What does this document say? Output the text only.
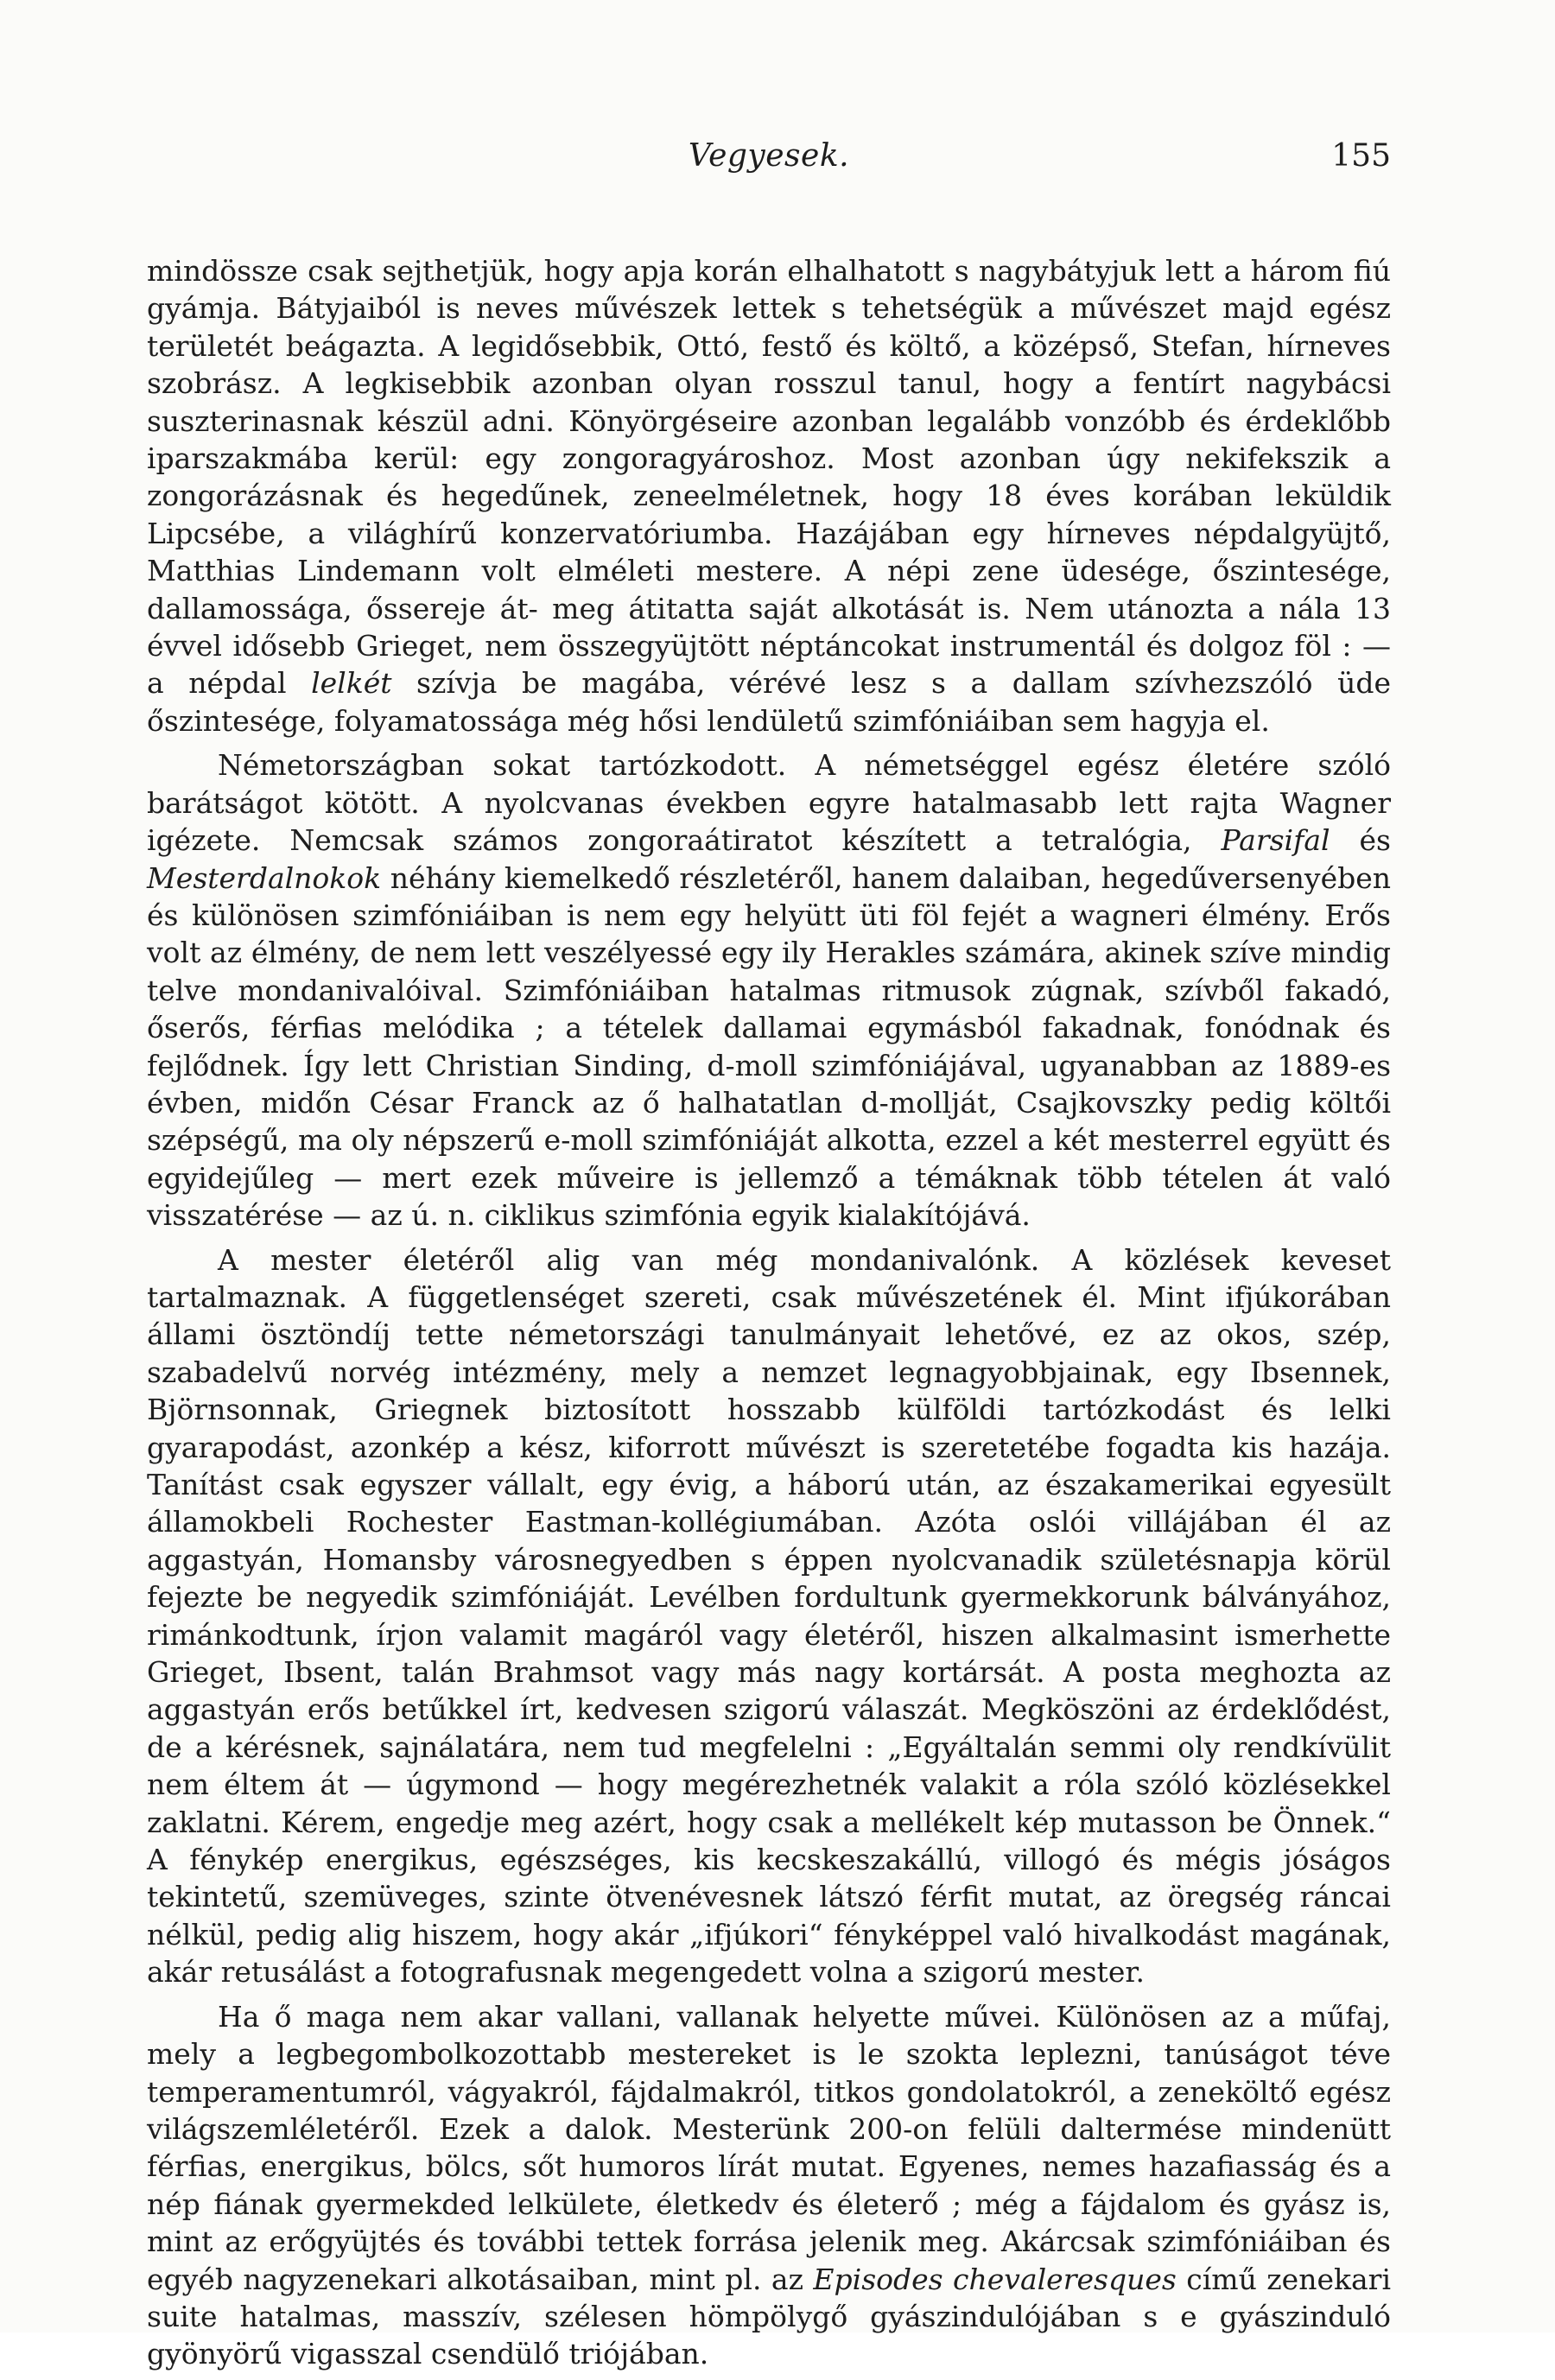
Vegyesek.	155

mindössze csak sejthetjük, hogy apja korán elhalhatott s nagybátyjuk lett a három fiú gyámja. Bátyjaiból is neves művészek lettek s tehetségük a művészet majd egész területét beágazta. A legidősebbik, Ottó, festő és költő, a középső, Stefan, hírneves szobrász. A legkisebbik azonban olyan rosszul tanul, hogy a fentírt nagybácsi suszterinasnak készül adni. Könyörgéseire azonban legalább vonzóbb és érdeklőbb iparszakmába kerül: egy zongoragyároshoz. Most azonban úgy nekifekszik a zongorázásnak és hegedűnek, zeneelméletnek, hogy 18 éves korában leküldik Lipcsébe, a világhírű konzervatóriumba. Hazájában egy hírneves népdalgyüjtő, Matthias Lindemann volt elméleti mestere. A népi zene üdesége, őszintesége, dallamossága, őssereje át- meg átitatta saját alkotását is. Nem utánozta a nála 13 évvel idősebb Grieget, nem összegyüjtött néptáncokat instrumentál és dolgoz föl : — a népdal lelkét szívja be magába, vérévé lesz s a dallam szívhezszóló üde őszintesége, folyamatossága még hősi lendületű szimfóniáiban sem hagyja el.

Németországban sokat tartózkodott. A németséggel egész életére szóló barátságot kötött. A nyolcvanas években egyre hatalmasabb lett rajta Wagner igézete. Nemcsak számos zongoraátiratot készített a tetralógia, Parsifal és Mesterdalnokok néhány kiemelkedő részletéről, hanem dalaiban, hegedűversenyében és különösen szimfóniáiban is nem egy helyütt üti föl fejét a wagneri élmény. Erős volt az élmény, de nem lett veszélyessé egy ily Herakles számára, akinek szíve mindig telve mondanivalóival. Szimfóniáiban hatalmas ritmusok zúgnak, szívből fakadó, őserős, férfias melódika ; a tételek dallamai egymásból fakadnak, fonódnak és fejlődnek. Így lett Christian Sinding, d-moll szimfóniájával, ugyanabban az 1889-es évben, midőn César Franck az ő halhatatlan d-mollját, Csajkovszky pedig költői szépségű, ma oly népszerű e-moll szimfóniáját alkotta, ezzel a két mesterrel együtt és egyidejűleg — mert ezek műveire is jellemző a témáknak több tételen át való visszatérése — az ú. n. ciklikus szimfónia egyik kialakítójává.

A mester életéről alig van még mondanivalónk. A közlések keveset tartalmaznak. A függetlenséget szereti, csak művészetének él. Mint ifjúkorában állami ösztöndíj tette németországi tanulmányait lehetővé, ez az okos, szép, szabadelvű norvég intézmény, mely a nemzet legnagyobbjainak, egy Ibsennek, Björnsonnak, Griegnek biztosított hosszabb külföldi tartózkodást és lelki gyarapodást, azonkép a kész, kiforrott művészt is szeretetébe fogadta kis hazája. Tanítást csak egyszer vállalt, egy évig, a háború után, az északamerikai egyesült államokbeli Rochester Eastman-kollégiumában. Azóta oslói villájában él az aggastyán, Homansby városnegyedben s éppen nyolcvanadik születésnapja körül fejezte be negyedik szimfóniáját. Levélben fordultunk gyermekkorunk bálványához, rimánkodtunk, írjon valamit magáról vagy életéről, hiszen alkalmasint ismerhette Grieget, Ibsent, talán Brahmsot vagy más nagy kortársát. A posta meghozta az aggastyán erős betűkkel írt, kedvesen szigorú válaszát. Megköszöni az érdeklődést, de a kérésnek, sajnálatára, nem tud megfelelni : „Egyáltalán semmi oly rendkívülit nem éltem át — úgymond — hogy megérezhetnék valakit a róla szóló közlésekkel zaklatni. Kérem, engedje meg azért, hogy csak a mellékelt kép mutasson be Önnek.“ A fénykép energikus, egészséges, kis kecskeszakállú, villogó és mégis jóságos tekintetű, szemüveges, szinte ötvenévesnek látszó férfit mutat, az öregség ráncai nélkül, pedig alig hiszem, hogy akár „ifjúkori“ fényképpel való hivalkodást magának, akár retusálást a fotografusnak megengedett volna a szigorú mester.

Ha ő maga nem akar vallani, vallanak helyette művei. Különösen az a műfaj, mely a legbegombolkozottabb mestereket is le szokta leplezni, tanúságot téve temperamentumról, vágyakról, fájdalmakról, titkos gondolatokról, a zeneköltő egész világszemléletéről. Ezek a dalok. Mesterünk 200-on felüli daltermése mindenütt férfias, energikus, bölcs, sőt humoros lírát mutat. Egyenes, nemes hazafiasság és a nép fiának gyermekded lelkülete, életkedv és életerő ; még a fájdalom és gyász is, mint az erőgyüjtés és további tettek forrása jelenik meg. Akárcsak szimfóniáiban és egyéb nagyzenekari alkotásaiban, mint pl. az Episodes chevaleresques című zenekari suite hatalmas, masszív, szélesen hömpölygő gyászindulójában s e gyászinduló gyönyörű vigasszal csendülő triójában.
